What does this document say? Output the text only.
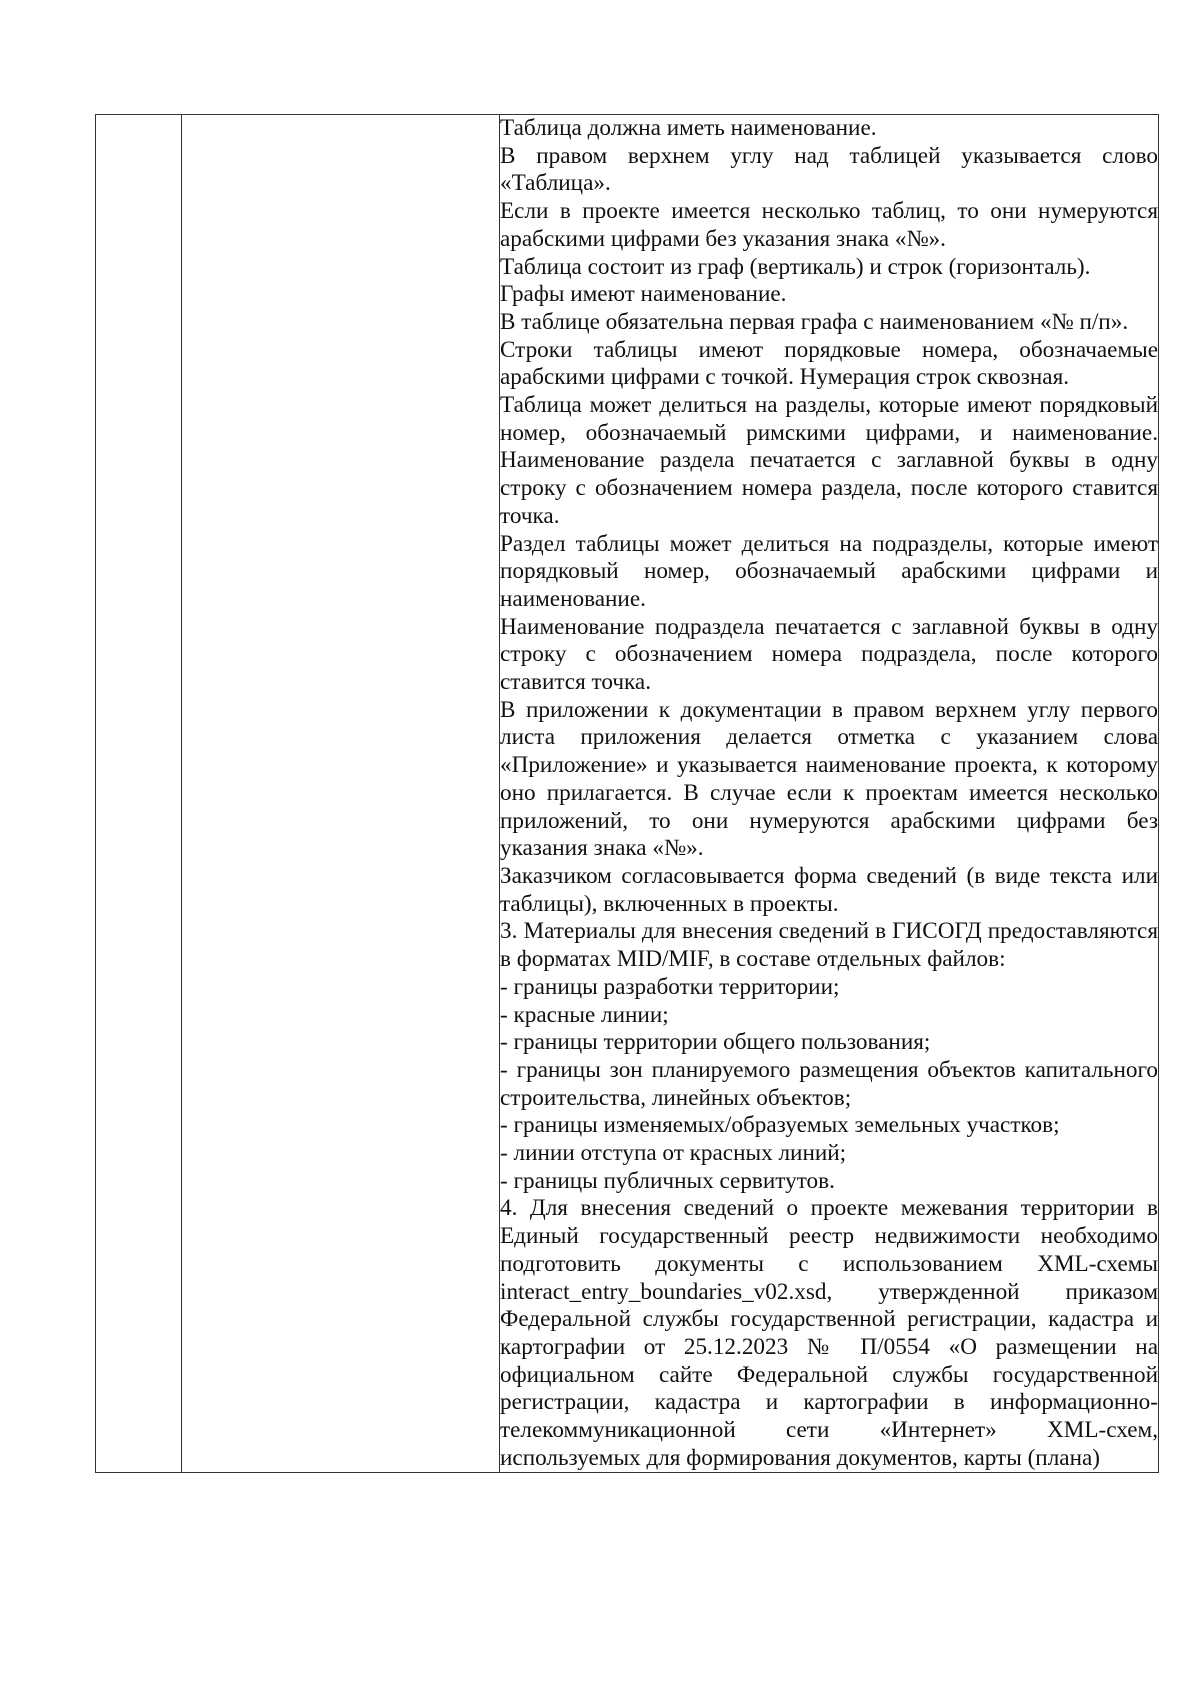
Таблица должна иметь наименование.

В правом верхнем углу над таблицей указывается слово «Таблица».

Если в проекте имеется несколько таблиц, то они нумеруются арабскими цифрами без указания знака «№».

Таблица состоит из граф (вертикаль) и строк (горизонталь).

Графы имеют наименование.

В таблице обязательна первая графа с наименованием «№ п/п».

Строки таблицы имеют порядковые номера, обозначаемые арабскими цифрами с точкой. Нумерация строк сквозная.

Таблица может делиться на разделы, которые имеют порядковый номер, обозначаемый римскими цифрами, и наименование. Наименование раздела печатается с заглавной буквы в одну строку с обозначением номера раздела, после которого ставится точка.

Раздел таблицы может делиться на подразделы, которые имеют порядковый номер, обозначаемый арабскими цифрами и наименование.

Наименование подраздела печатается с заглавной буквы в одну строку с обозначением номера подраздела, после которого ставится точка.

В приложении к документации в правом верхнем углу первого листа приложения делается отметка с указанием слова «Приложение» и указывается наименование проекта, к которому оно прилагается. В случае если к проектам имеется несколько приложений, то они нумеруются арабскими цифрами без указания знака «№».

Заказчиком согласовывается форма сведений (в виде текста или таблицы), включенных в проекты.

3. Материалы для внесения сведений в ГИСОГД предоставляются в форматах MID/MIF, в составе отдельных файлов:

- границы разработки территории;

- красные линии;

- границы территории общего пользования;

- границы зон планируемого размещения объектов капитального строительства, линейных объектов;

- границы изменяемых/образуемых земельных участков;

- линии отступа от красных линий;

- границы публичных сервитутов.

4. Для внесения сведений о проекте межевания территории в Единый государственный реестр недвижимости необходимо подготовить документы с использованием XML-схемы interact_entry_boundaries_v02.xsd, утвержденной приказом Федеральной службы государственной регистрации, кадастра и картографии от 25.12.2023 № П/0554 «О размещении на официальном сайте Федеральной службы государственной регистрации, кадастра и картографии в информационно-телекоммуникационной сети «Интернет» XML-схем, используемых для формирования документов, карты (плана)
